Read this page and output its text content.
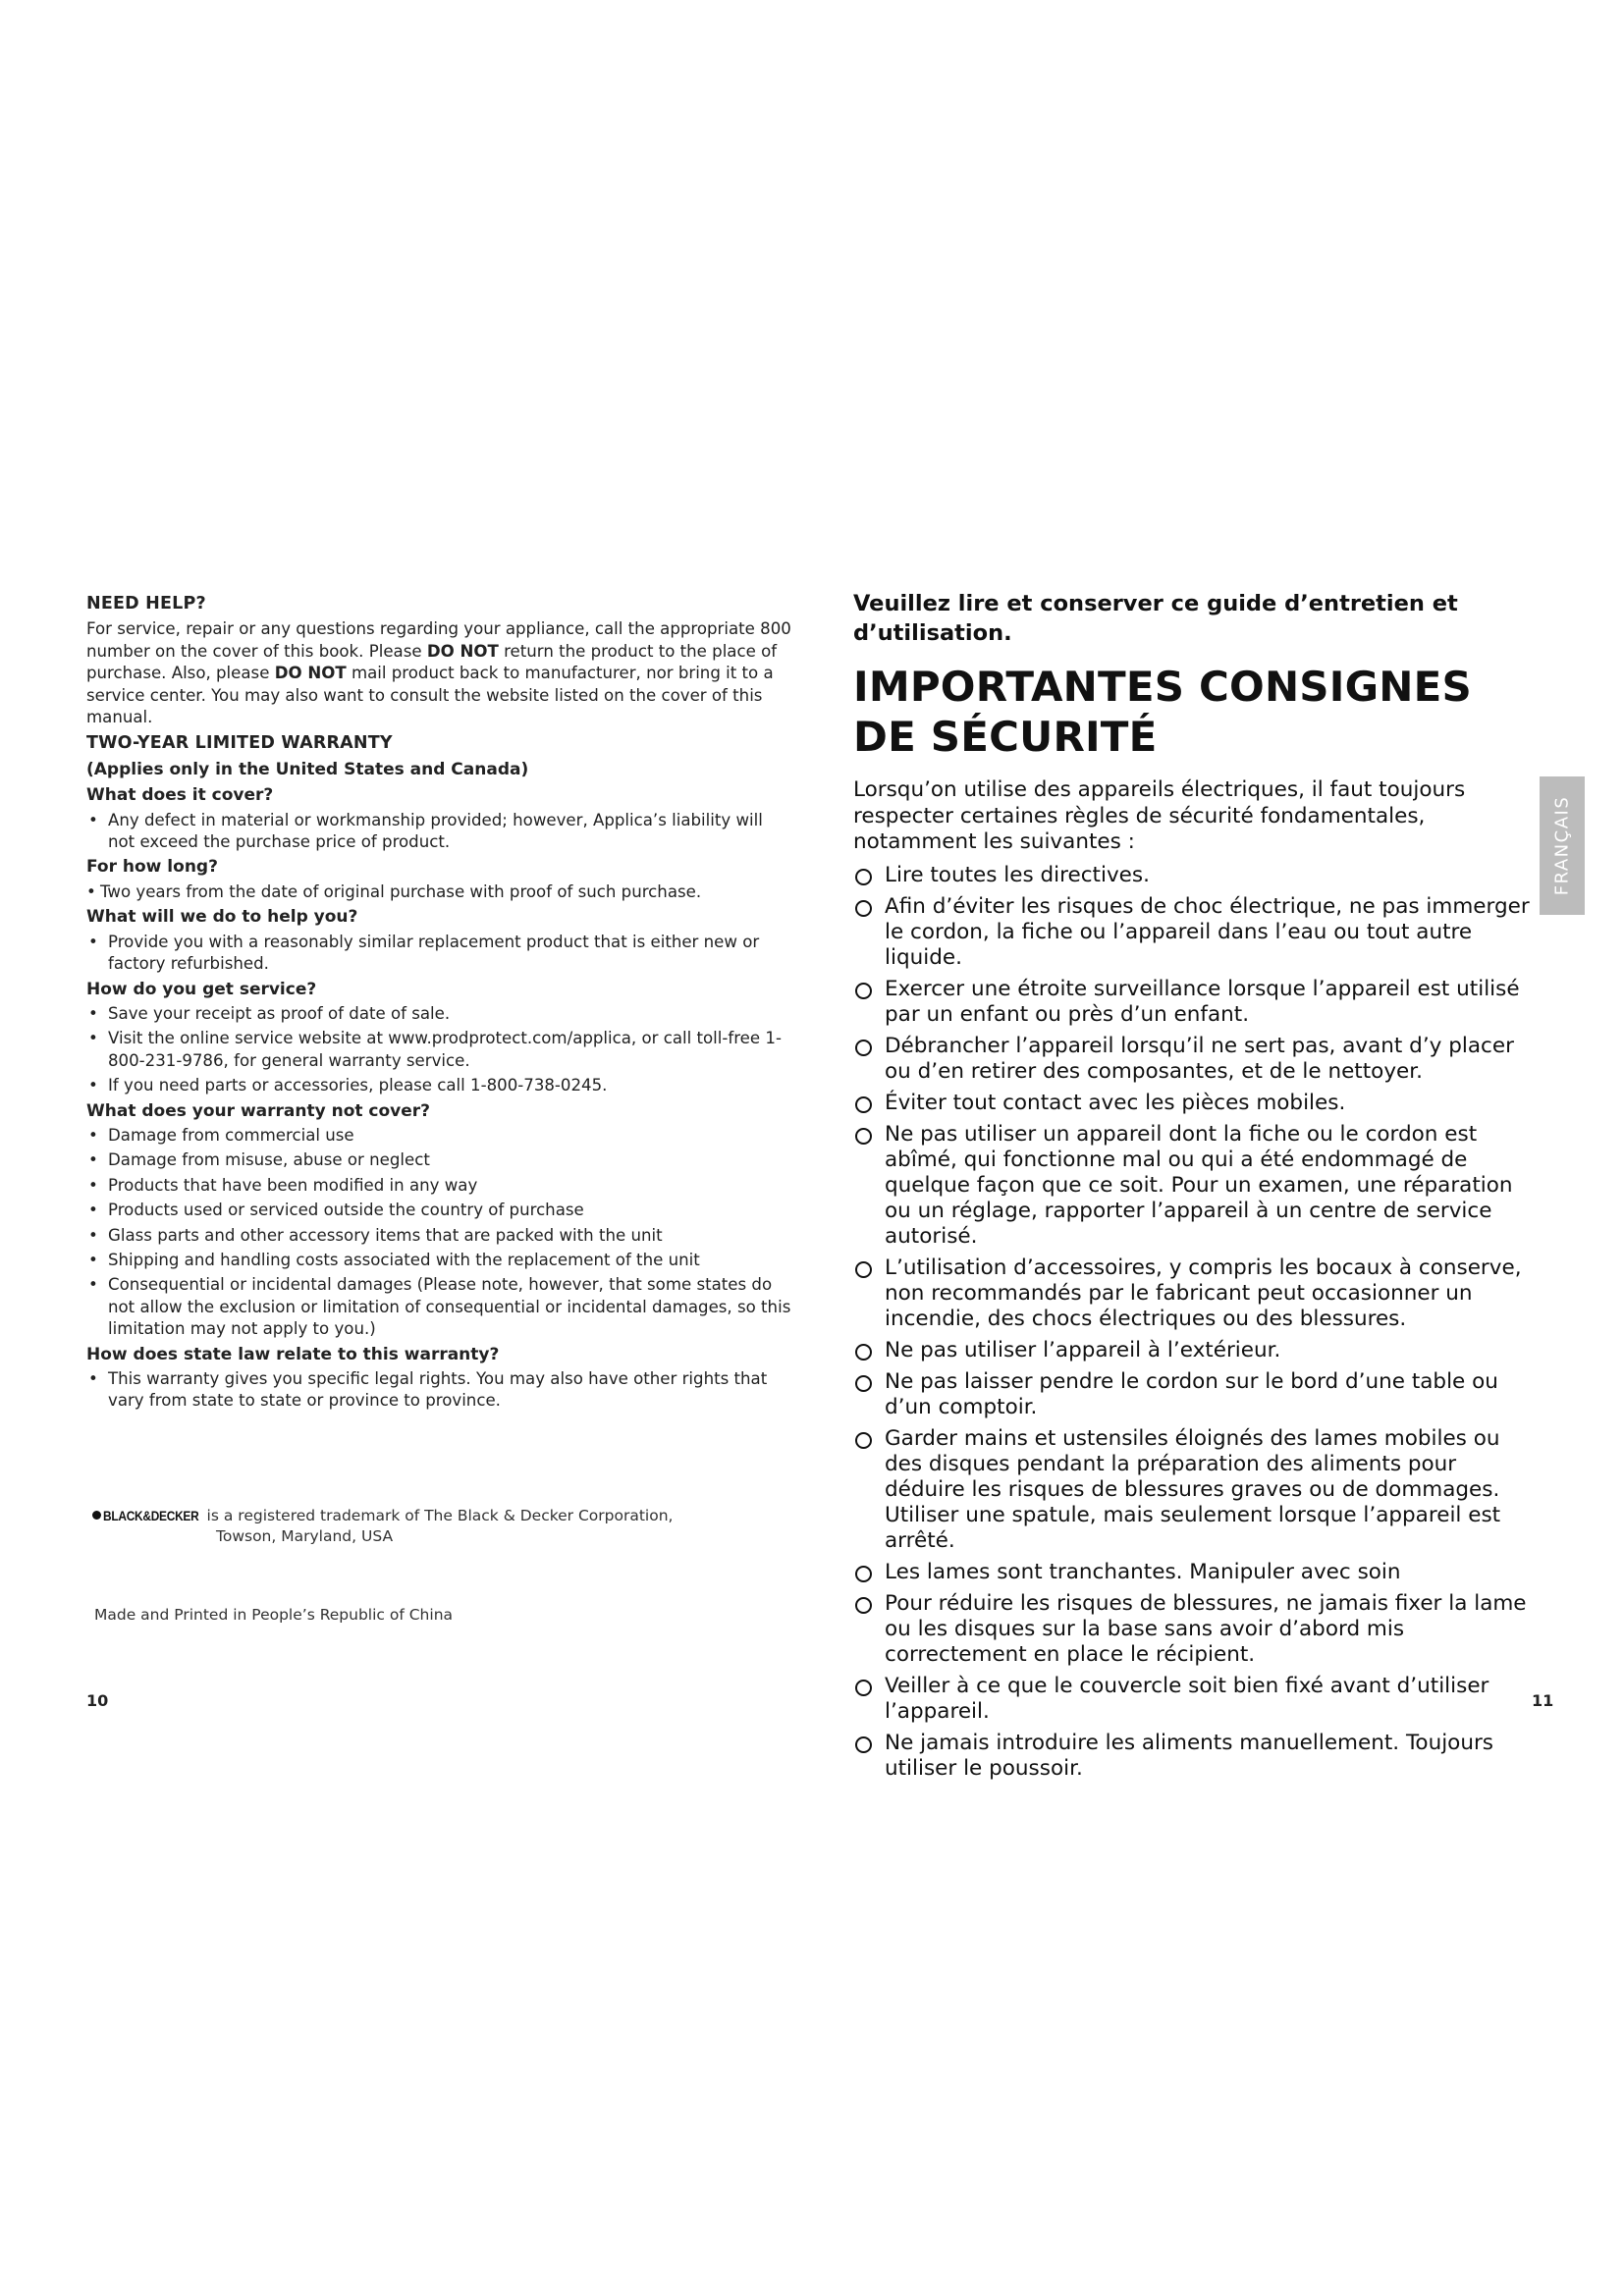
NEED HELP?
For service, repair or any questions regarding your appliance, call the appropriate 800 number on the cover of this book. Please DO NOT return the product to the place of purchase. Also, please DO NOT mail product back to manufacturer, nor bring it to a service center. You may also want to consult the website listed on the cover of this manual.
TWO-YEAR LIMITED WARRANTY
(Applies only in the United States and Canada)
What does it cover?
• Any defect in material or workmanship provided; however, Applica’s liability will not exceed the purchase price of product.
For how long?
• Two years from the date of original purchase with proof of such purchase.
What will we do to help you?
• Provide you with a reasonably similar replacement product that is either new or factory refurbished.
How do you get service?
• Save your receipt as proof of date of sale.
• Visit the online service website at www.prodprotect.com/applica, or call toll-free 1-800-231-9786, for general warranty service.
• If you need parts or accessories, please call 1-800-738-0245.
What does your warranty not cover?
• Damage from commercial use
• Damage from misuse, abuse or neglect
• Products that have been modified in any way
• Products used or serviced outside the country of purchase
• Glass parts and other accessory items that are packed with the unit
• Shipping and handling costs associated with the replacement of the unit
• Consequential or incidental damages (Please note, however, that some states do not allow the exclusion or limitation of consequential or incidental damages, so this limitation may not apply to you.)
How does state law relate to this warranty?
• This warranty gives you specific legal rights. You may also have other rights that vary from state to state or province to province.
BLACK&DECKER is a registered trademark of The Black & Decker Corporation,
Towson, Maryland, USA
Made and Printed in People’s Republic of China
10
Veuillez lire et conserver ce guide d’entretien et d’utilisation.
IMPORTANTES CONSIGNES
DE SÉCURITÉ
Lorsqu’on utilise des appareils électriques, il faut toujours respecter certaines règles de sécurité fondamentales, notamment les suivantes :
Lire toutes les directives.
Afin d’éviter les risques de choc électrique, ne pas immerger le cordon, la fiche ou l’appareil dans l’eau ou tout autre liquide.
Exercer une étroite surveillance lorsque l’appareil est utilisé par un enfant ou près d’un enfant.
Débrancher l’appareil lorsqu’il ne sert pas, avant d’y placer ou d’en retirer des composantes, et de le nettoyer.
Éviter tout contact avec les pièces mobiles.
Ne pas utiliser un appareil dont la fiche ou le cordon est abîmé, qui fonctionne mal ou qui a été endommagé de quelque façon que ce soit. Pour un examen, une réparation ou un réglage, rapporter l’appareil à un centre de service autorisé.
L’utilisation d’accessoires, y compris les bocaux à conserve, non recommandés par le fabricant peut occasionner un incendie, des chocs électriques ou des blessures.
Ne pas utiliser l’appareil à l’extérieur.
Ne pas laisser pendre le cordon sur le bord d’une table ou d’un comptoir.
Garder mains et ustensiles éloignés des lames mobiles ou des disques pendant la préparation des aliments pour déduire les risques de blessures graves ou de dommages. Utiliser une spatule, mais seulement lorsque l’appareil est arrêté.
Les lames sont tranchantes. Manipuler avec soin
Pour réduire les risques de blessures, ne jamais fixer la lame ou les disques sur la base sans avoir d’abord mis correctement en place le récipient.
Veiller à ce que le couvercle soit bien fixé avant d’utiliser l’appareil.
Ne jamais introduire les aliments manuellement. Toujours utiliser le poussoir.
FRANÇAIS
11
